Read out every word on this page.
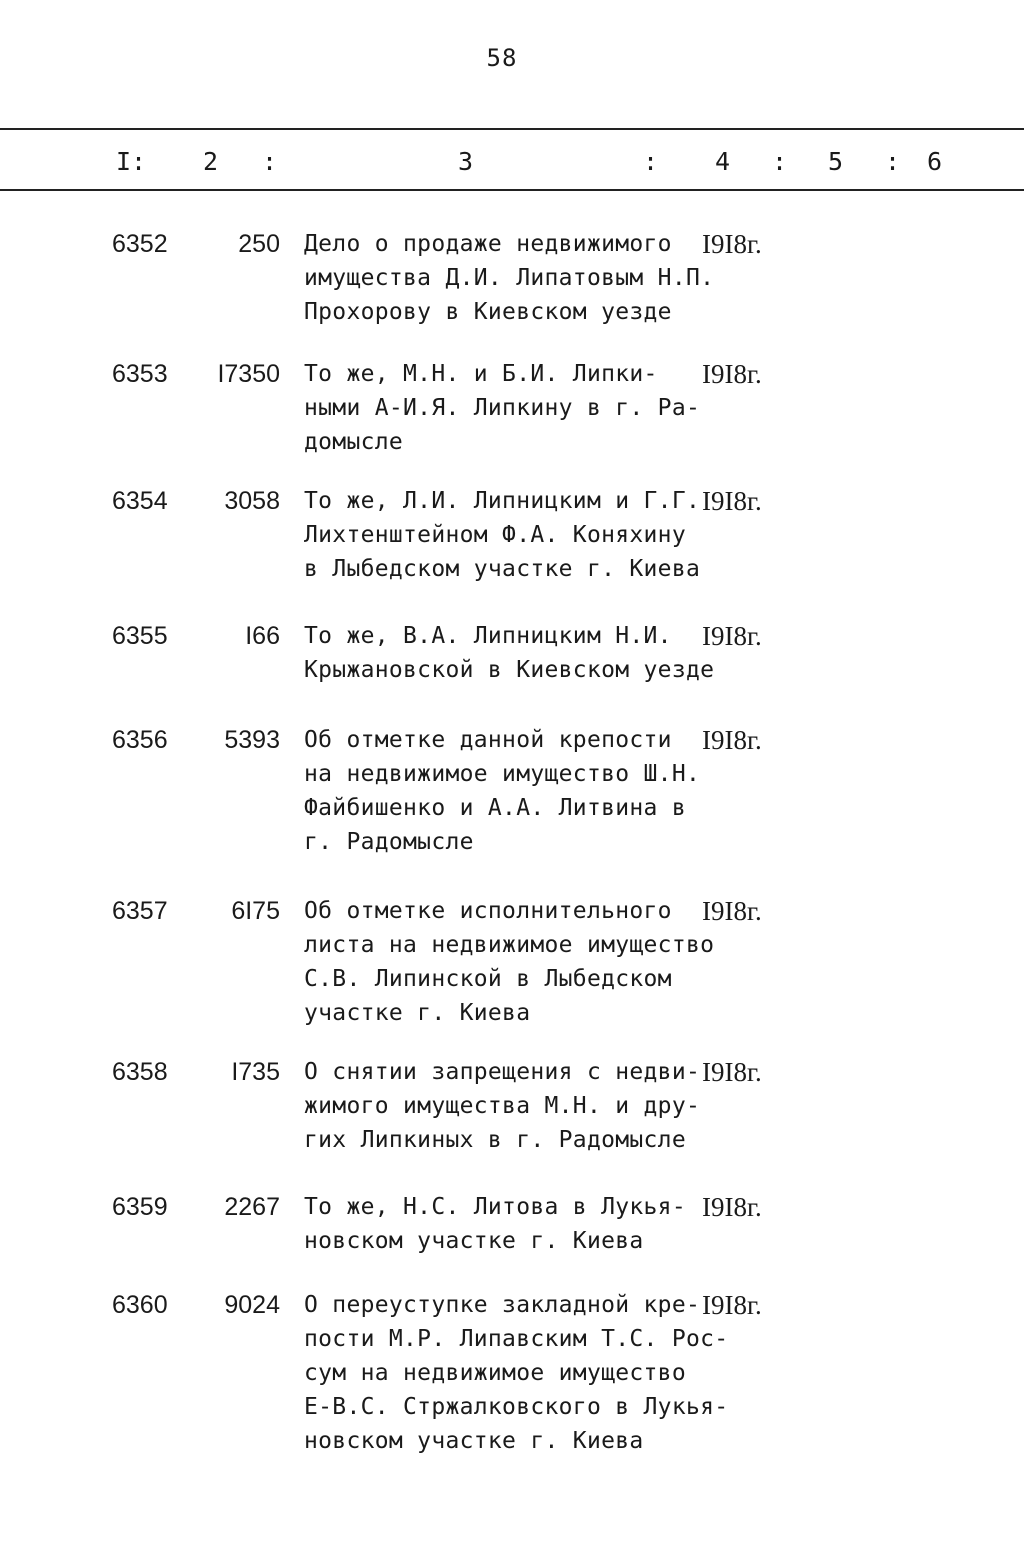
58
I: 2 :	3	: 4 : 5 : 6
6352	250 Дело о продаже недвижимого
имущества Д.И. Липатовым Н.П.
Прохорову в Киевском уезде
I9I8г.
6353	I7350 То же, М.Н. и Б.И. Липки-
ными А-И.Я. Липкину в г. Ра-
домысле
I9I8г.
6354	3058 То же, Л.И. Липницким и Г.Г.
Лихтенштейном Ф.А. Коняхину
в Лыбедском участке г. Киева
I9I8г.
6355	I66 То же, В.А. Липницким Н.И.
Крыжановской в Киевском уезде
I9I8г.
6356	5393 Об отметке данной крепости
на недвижимое имущество Ш.Н.
Файбишенко и А.А. Литвина в
г. Радомысле
I9I8г.
6357	6I75 Об отметке исполнительного
листа на недвижимое имущество
С.В. Липинской в Лыбедском
участке г. Киева
I9I8г.
6358	I735 О снятии запрещения с недви-
жимого имущества М.Н. и дру-
гих Липкиных в г. Радомысле
I9I8г.
6359	2267 То же, Н.С. Литова в Лукья-
новском участке г. Киева
I9I8г.
6360	9024 О переуступке закладной кре-
пости М.Р. Липавским Т.С. Рос-
сум на недвижимое имущество
Е-В.С. Стржалковского в Лукья-
новском участке г. Киева
I9I8г.
